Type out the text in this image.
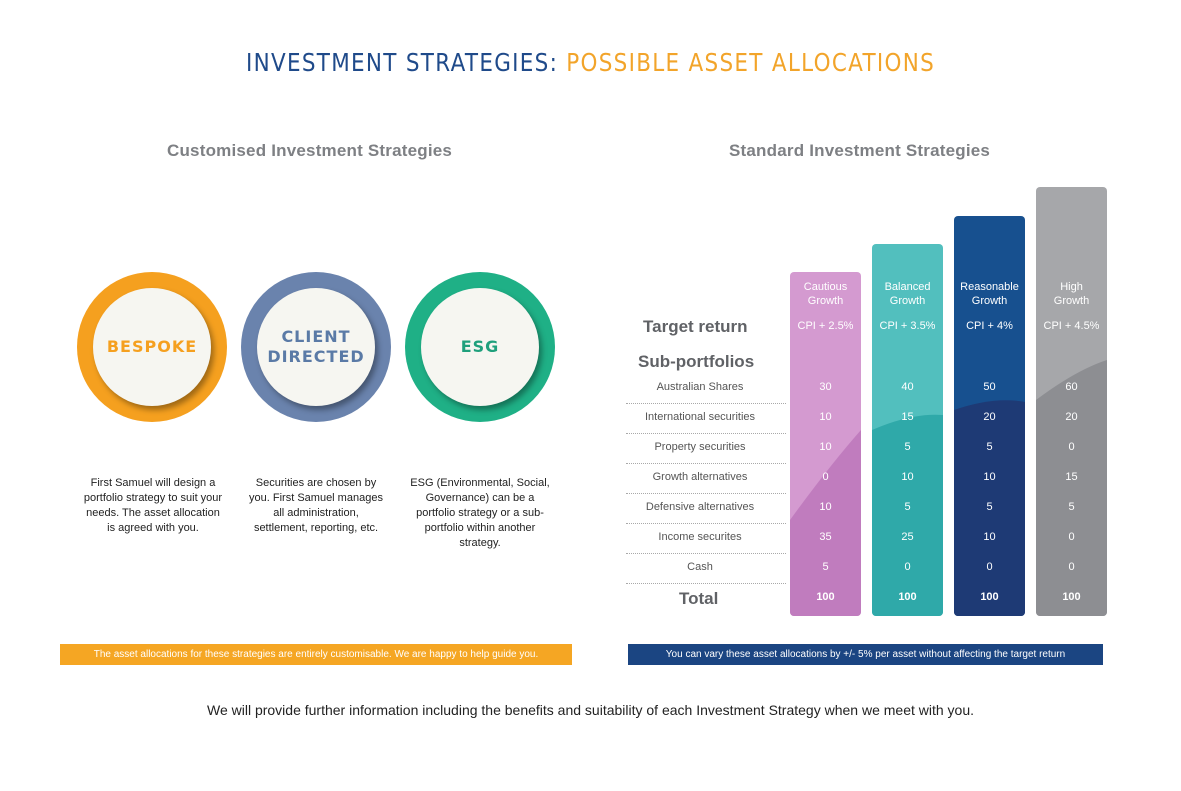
INVESTMENT STRATEGIES: POSSIBLE ASSET ALLOCATIONS
Customised Investment Strategies
BESPOKE
CLIENT
DIRECTED
ESG
First Samuel will design a portfolio strategy to suit your needs. The asset allocation is agreed with you.
Securities are chosen by you. First Samuel manages all administration, settlement, reporting, etc.
ESG (Environmental, Social, Governance) can be a portfolio strategy or a sub-portfolio within another strategy.
The asset allocations for these strategies are entirely customisable. We are happy to help guide you.
Standard Investment Strategies
Target return
Sub-portfolios
Total
Australian Shares
International securities
Property securities
Growth alternatives
Defensive alternatives
Income securites
Cash
Cautious
Growth
CPI + 2.5%
30
10
10
0
10
35
5
100
Balanced
Growth
CPI + 3.5%
40
15
5
10
5
25
0
100
Reasonable
Growth
CPI + 4%
50
20
5
10
5
10
0
100
High
Growth
CPI + 4.5%
60
20
0
15
5
0
0
100
You can vary these asset allocations by +/- 5% per asset without affecting the target return
We will provide further information including the benefits and suitability of each Investment Strategy when we meet with you.
